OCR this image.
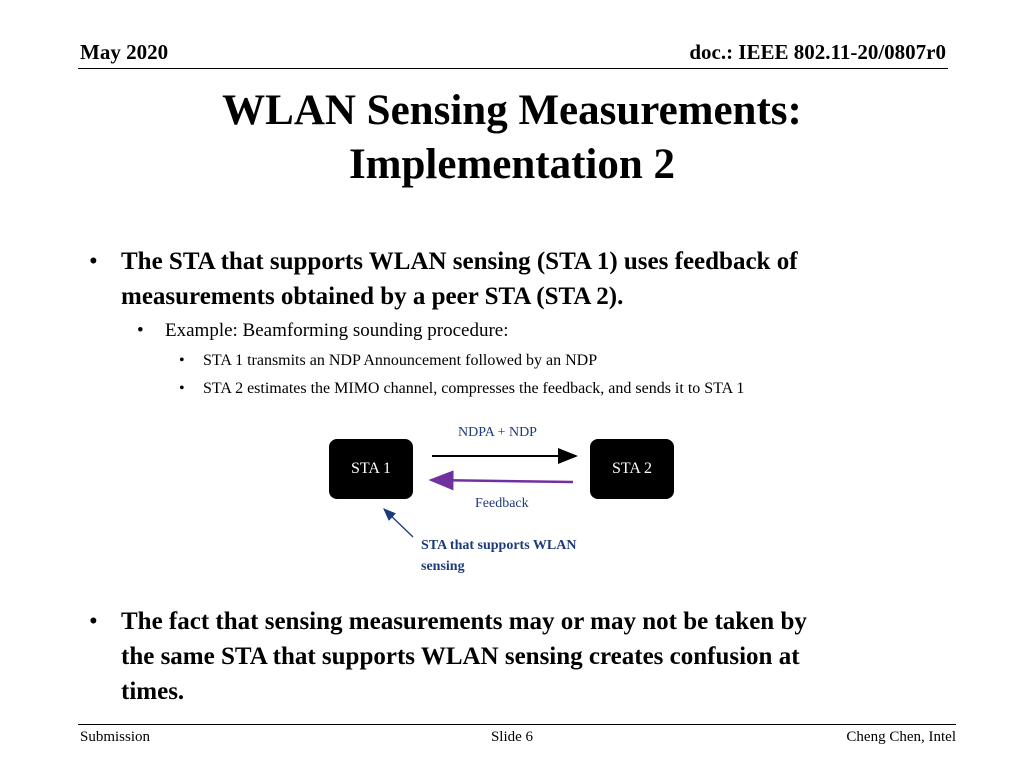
May 2020	doc.: IEEE 802.11-20/0807r0
WLAN Sensing Measurements:
Implementation 2
• The STA that supports WLAN sensing (STA 1) uses feedback of
measurements obtained by a peer STA (STA 2).
• Example: Beamforming sounding procedure:
• STA 1 transmits an NDP Announcement followed by an NDP
• STA 2 estimates the MIMO channel, compresses the feedback, and sends it to STA 1
NDPA + NDP
STA 1	STA 2
Feedback
STA that supports WLAN
sensing
• The fact that sensing measurements may or may not be taken by
the same STA that supports WLAN sensing creates confusion at
times.
Submission	Slide 6	Cheng Chen, Intel
